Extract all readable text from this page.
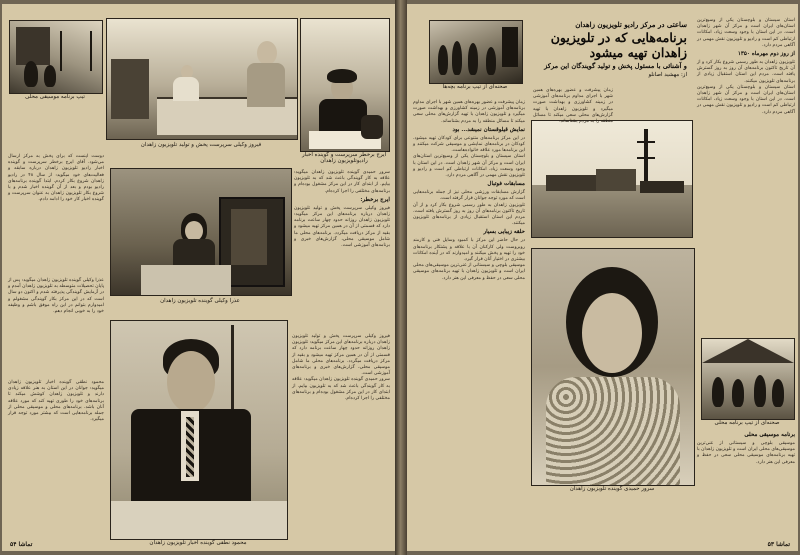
تیپ برنامه موسیقی محلی
فیروز وکیلی سرپرست پخش و تولید تلویزیون زاهدان
ایرج برخطر سرپرست و گوینده اخبار رادیوتلویزیون زاهدان
دوست اینست که برای پخش به مرکز ارسال می‌شود. آقای ایرج برخطر سرپرست و گوینده اخبار رادیو تلویزیون زاهدان درباره سابقه و فعالیت‌های خود میگوید: از سال ۴۸ در رادیو زاهدان شروع بکار کردم. ابتدا گوینده برنامه‌های رادیو بودم و بعد از آن گوینده اخبار شدم و با شروع بکار تلویزیون زاهدان به عنوان سرپرست و گوینده اخبار کار خود را ادامه دادم.
عذرا وکیلی گوینده تلویزیون زاهدان
عذرا وکیلی گوینده تلویزیون زاهدان میگوید: پس از پایان تحصیلات متوسطه به تلویزیون زاهدان آمدم و در آزمایش گویندگی پذیرفته شدم و اکنون دو سال است که در این مرکز بکار گویندگی مشغولم و امیدوارم بتوانم در این راه موفق باشم و وظیفه خود را به خوبی انجام دهم.
سرور حمیدی گوینده تلویزیون زاهدان میگوید: علاقه به کار گویندگی باعث شد که به تلویزیون بیایم. از ابتدای کار در این مرکز مشغول بوده‌ام و برنامه‌های مختلفی را اجرا کرده‌ام.
ایرج برخطر:
فیروز وکیلی سرپرست پخش و تولید تلویزیون زاهدان درباره برنامه‌های این مرکز میگوید: تلویزیون زاهدان روزانه حدود چهار ساعت برنامه دارد که قسمتی از آن در همین مرکز تهیه میشود و بقیه از مرکز دریافت میگردد. برنامه‌های محلی ما شامل موسیقی محلی، گزارش‌های خبری و برنامه‌های آموزشی است.
محمود نطقی گوینده اخبار تلویزیون زاهدان
محمود نطقی گوینده اخبار تلویزیون زاهدان میگوید: جوانان در این استان به هنر علاقه زیادی دارند و تلویزیون زاهدان کوشش میکند تا برنامه‌های خود را طوری تهیه کند که مورد علاقه آنان باشد. برنامه‌های محلی و موسیقی محلی از جمله برنامه‌هایی است که بیشتر مورد توجه قرار میگیرد.
فیروز وکیلی سرپرست پخش و تولید تلویزیون زاهدان درباره برنامه‌های این مرکز میگوید: تلویزیون زاهدان روزانه حدود چهار ساعت برنامه دارد که قسمتی از آن در همین مرکز تهیه میشود و بقیه از مرکز دریافت میگردد. برنامه‌های محلی ما شامل موسیقی محلی، گزارش‌های خبری و برنامه‌های آموزشی است.
سرور حمیدی گوینده تلویزیون زاهدان میگوید: علاقه به کار گویندگی باعث شد که به تلویزیون بیایم. از ابتدای کار در این مرکز مشغول بوده‌ام و برنامه‌های مختلفی را اجرا کرده‌ام.
۵۴ تماشا
صحنه‌ای از تیپ برنامه بچه‌ها
ساعتی در مرکز رادیو تلویزیون زاهدان
برنامه‌هایی که در تلویزیون
زاهدان تهیه میشود
و آشنائی با مسئول پخش و تولید گویندگان این مرکز
از: مهشید اصانلو
استان سیستان و بلوچستان یکی از وسیع‌ترین استان‌های ایران است و مرکز آن شهر زاهدان است. در این استان با وجود وسعت زیاد، امکانات ارتباطی کم است و رادیو و تلویزیون نقش مهمی در آگاهی مردم دارد.
از روز دوم مهرماه ۱۳۵۰
تلویزیون زاهدان به طور رسمی شروع بکار کرد و از آن تاریخ تاکنون برنامه‌های آن روز به روز گسترش یافته است. مردم این استان استقبال زیادی از برنامه‌های تلویزیون میکنند.
استان سیستان و بلوچستان یکی از وسیع‌ترین استان‌های ایران است و مرکز آن شهر زاهدان است. در این استان با وجود وسعت زیاد، امکانات ارتباطی کم است و رادیو و تلویزیون نقش مهمی در آگاهی مردم دارد.
زمان پیشرفت و عضور بهره‌های همین شهر با اجرای مداوم برنامه‌های آموزشی در زمینه کشاورزی و بهداشت صورت میگیرد و تلویزیون زاهدان با تهیه گزارش‌های محلی سعی میکند تا مسائل منطقه را به مردم بشناساند.
زمان پیشرفت و عضور بهره‌های همین شهر با اجرای مداوم برنامه‌های آموزشی در زمینه کشاورزی و بهداشت صورت میگیرد و تلویزیون زاهدان با تهیه گزارش‌های محلی سعی میکند تا مسائل منطقه را به مردم بشناساند.
نمایش قیلوقستان نمیشد... بود
در این مرکز برنامه‌های متنوعی برای کودکان تهیه میشود. کودکان در برنامه‌های نمایشی و موسیقی شرکت میکنند و این برنامه‌ها مورد علاقه خانواده‌هاست.
استان سیستان و بلوچستان یکی از وسیع‌ترین استان‌های ایران است و مرکز آن شهر زاهدان است. در این استان با وجود وسعت زیاد، امکانات ارتباطی کم است و رادیو و تلویزیون نقش مهمی در آگاهی مردم دارد.
مسابقات فوتبال
گزارش مسابقات ورزشی محلی نیز از جمله برنامه‌هایی است که مورد توجه جوانان قرار گرفته است.
تلویزیون زاهدان به طور رسمی شروع بکار کرد و از آن تاریخ تاکنون برنامه‌های آن روز به روز گسترش یافته است. مردم این استان استقبال زیادی از برنامه‌های تلویزیون میکنند.
حلقه زیبایی بسیار
در حال حاضر این مرکز با کمبود وسایل فنی و کارمند روبروست ولی کارکنان آن با علاقه و پشتکار برنامه‌های خود را تهیه و پخش میکنند و امیدوارند که در آینده امکانات بیشتری در اختیار آنان قرار گیرد.
موسیقی بلوچی و سیستانی از غنی‌ترین موسیقی‌های محلی ایران است و تلویزیون زاهدان با تهیه برنامه‌های موسیقی محلی سعی در حفظ و معرفی این هنر دارد.
سرور حمیدی گوینده تلویزیون زاهدان
صحنه‌ای از تیپ برنامه محلی
برنامه موسیقی محلی
موسیقی بلوچی و سیستانی از غنی‌ترین موسیقی‌های محلی ایران است و تلویزیون زاهدان با تهیه برنامه‌های موسیقی محلی سعی در حفظ و معرفی این هنر دارد.
۵۳ تماشا
